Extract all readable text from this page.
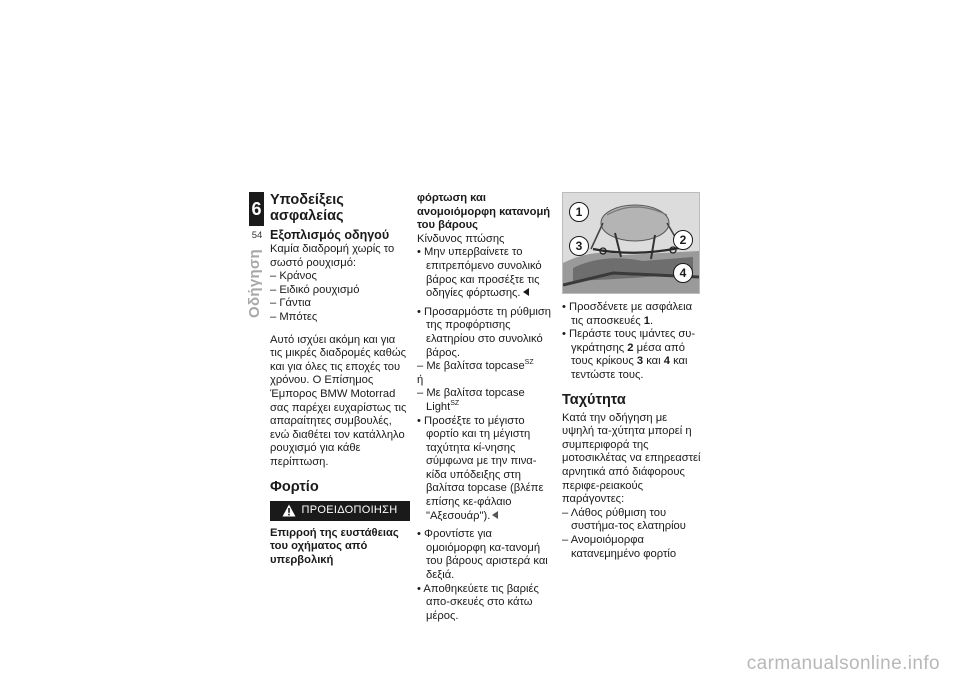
6
54
Οδήγηση
Υποδείξεις ασφαλείας
Εξοπλισμός οδηγού

Καμία διαδρομή χωρίς το σωστό ρουχισμό:

– Κράνος

– Ειδικό ρουχισμό

– Γάντια

– Μπότες

Αυτό ισχύει ακόμη και για τις μικρές διαδρομές καθώς και για όλες τις εποχές του χρόνου. Ο Επίσημος Έμπορος BMW Motorrad σας παρέχει ευχαρίστως τις απαραίτητες συμβουλές, ενώ διαθέτει τον κατάλληλο ρουχισμό για κάθε περίπτωση.

Φορτίο
ΠΡΟΕΙΔΟΠΟΙΗΣΗ

Επιρροή της ευστάθειας του οχήματος από υπερβολική

φόρτωση και ανομοιόμορφη κατανομή του βάρους

Κίνδυνος πτώσης

• Μην υπερβαίνετε το επιτρεπόμενο συνολικό βάρος και προσέξτε τις οδηγίες φόρτωσης.

• Προσαρμόστε τη ρύθμιση της προφόρτισης ελατηρίου στο συνολικό βάρος.

– Με βαλίτσα topcase$^{SZ}$

ή

– Με βαλίτσα topcase Light$^{SZ}$

• Προσέξτε το μέγιστο φορτίο και τη μέγιστη ταχύτητα κί-νησης σύμφωνα με την πινα-κίδα υπόδειξης στη βαλίτσα topcase (βλέπε επίσης κε-φάλαιο "Αξεσουάρ").

• Φροντίστε για ομοιόμορφη κα-τανομή του βάρους αριστερά και δεξιά.

• Αποθηκεύετε τις βαριές απο-σκευές στο κάτω μέρος.

1
2
3
4

• Προσδένετε με ασφάλεια τις αποσκευές 1.

• Περάστε τους ιμάντες συ-γκράτησης 2 μέσα από τους κρίκους 3 και 4 και τεντώστε τους.

Ταχύτητα

Κατά την οδήγηση με υψηλή τα-χύτητα μπορεί η συμπεριφορά της μοτοσικλέτας να επηρεαστεί αρνητικά από διάφορους περιφε-ρειακούς παράγοντες:

– Λάθος ρύθμιση του συστήμα-τος ελατηρίου

– Ανομοιόμορφα κατανεμημένο φορτίο

carmanualsonline.info
